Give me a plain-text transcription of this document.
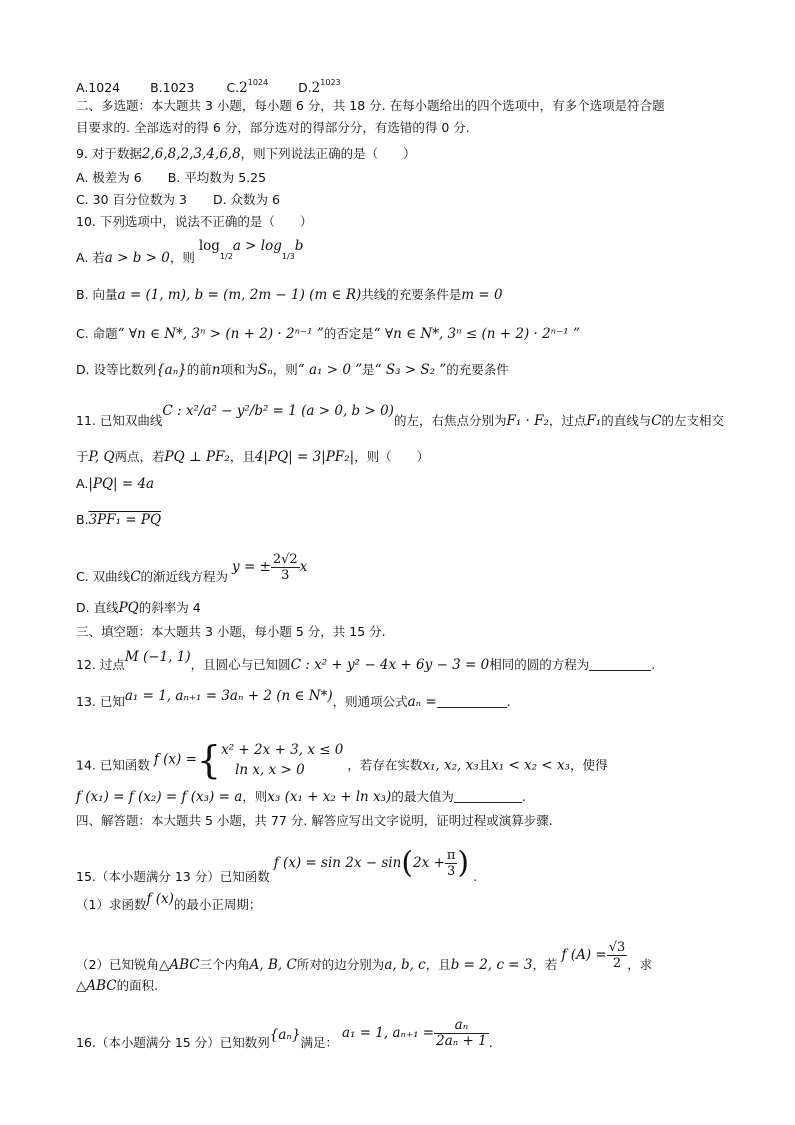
A.1024 B.1023	$C.2^{1024}$ $D.2^{1023}$
二、多选题：本大题共 3 小题，每小题 6 分，共 18 分. 在每小题给出的四个选项中，有多个选项是符合题
目要求的. 全部选对的得 6 分，部分选对的得部分分，有选错的得 0 分.
9. 对于数据2,6,8,2,3,4,6,8，则下列说法正确的是（　　）
A. 极差为 6 B. 平均数为 5.25
C. 30 百分位数为 3 D. 众数为 6
10. 下列选项中，说法不正确的是（　　）
A. 若a > b > 0，则 $\log_{1/2}a > \log_{1/3}b$
B. 向量a = (1, m), b = (m, 2m − 1) (m ∈ R)共线的充要条件是m = 0
C. 命题“ ∀n ∈ N*, 3ⁿ > (n + 2) · 2ⁿ⁻¹ ”的否定是“ ∀n ∈ N*, 3ⁿ ≤ (n + 2) · 2ⁿ⁻¹ ”
D. 设等比数列{aₙ}的前n项和为Sₙ，则“ a₁ > 0 ”是“ S₃ > S₂ ”的充要条件
11. 已知双曲线C : x²/a² − y²/b² = 1 (a > 0, b > 0)的左，右焦点分别为F₁ · F₂，过点F₁的直线与C的左支相交
于P, Q两点，若PQ ⊥ PF₂，且4|PQ| = 3|PF₂|，则（　　）
A.|PQ| = 4a
B.3PF₁ = PQ
C. 双曲线C的渐近线方程为 y = ± $\frac{2√2}{3}$ x
D. 直线PQ的斜率为 4
三、填空题：本大题共 3 小题，每小题 5 分，共 15 分.
12. 过点M (−1, 1)，且圆心与已知圆C : x² + y² − 4x + 6y − 3 = 0相同的圆的方程为	.
13. 已知a₁ = 1, aₙ₊₁ = 3aₙ + 2 (n ∈ N*)，则通项公式aₙ =	.
14. 已知函数 f (x) ={ x² + 2x + 3, x ≤ 0
ln x, x > 0	，若存在实数x₁, x₂, x₃且x₁ < x₂ < x₃，使得
f (x₁) = f (x₂) = f (x₃) = a，则x₃ (x₁ + x₂ + ln x₃)的最大值为	.
四、解答题：本大题共 5 小题，共 77 分. 解答应写出文字说明，证明过程或演算步骤.
15.（本小题满分 13 分）已知函数 f $(x) = \sin 2x - \sin(2x + \frac{\pi}{3}$ ) .
（1）求函数f (x)的最小正周期；
（2）已知锐角△ABC三个内角A, B, C所对的边分别为a, b, c，且b = 2, c = 3，若 f $(A) = \frac{√3}{2}$ ，求
△ABC的面积.
16.（本小题满分 15 分）已知数列{aₙ}满足： a₁ = 1, $a_{n+1} = \frac{\text{aₙ}}{\text{2aₙ + 1}}$ .
